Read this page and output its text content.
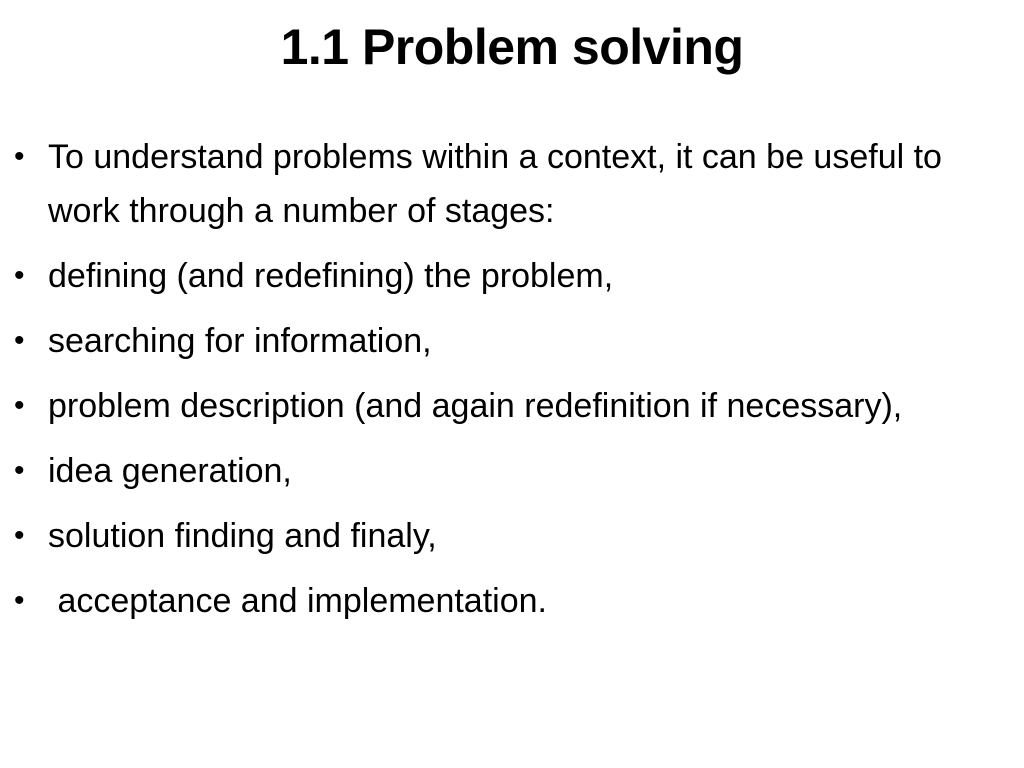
1.1 Problem solving
• To understand problems within a context, it can be useful to work through a number of stages:
• defining (and redefining) the problem,
• searching for information,
• problem description (and again redefinition if necessary),
• idea generation,
• solution finding and finaly,
• acceptance and implementation.
